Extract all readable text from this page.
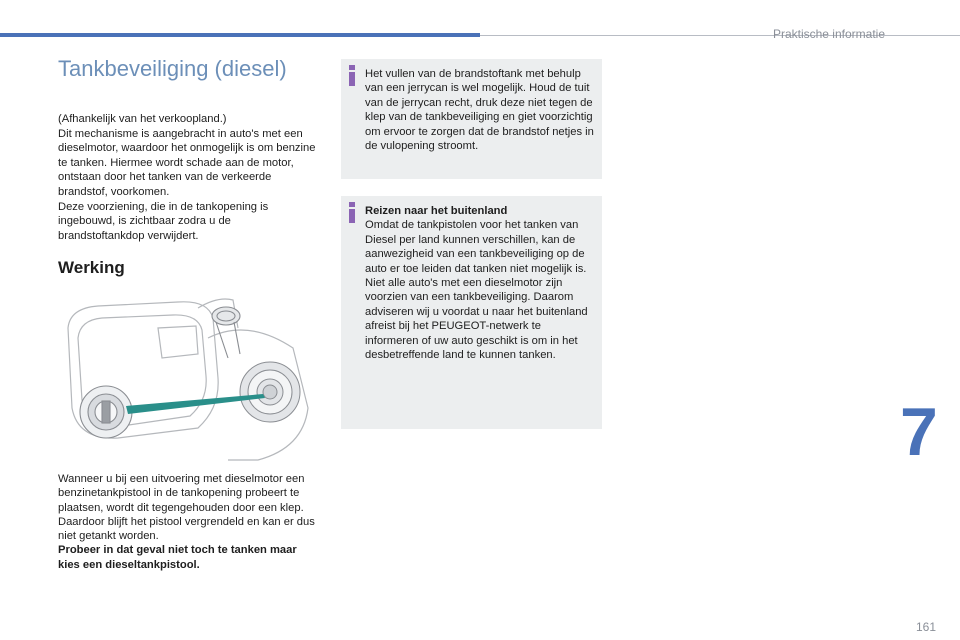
Praktische informatie
Tankbeveiliging (diesel)

(Afhankelijk van het verkoopland.)

Dit mechanisme is aangebracht in auto's met een dieselmotor, waardoor het onmogelijk is om benzine te tanken. Hiermee wordt schade aan de motor, ontstaan door het tanken van de verkeerde brandstof, voorkomen.

Deze voorziening, die in de tankopening is ingebouwd, is zichtbaar zodra u de brandstoftankdop verwijdert.

Werking

Wanneer u bij een uitvoering met dieselmotor een benzinetankpistool in de tankopening probeert te plaatsen, wordt dit tegengehouden door een klep. Daardoor blijft het pistool vergrendeld en kan er dus niet getankt worden.

Probeer in dat geval niet toch te tanken maar kies een dieseltankpistool.

Het vullen van de brandstoftank met behulp van een jerrycan is wel mogelijk. Houd de tuit van de jerrycan recht, druk deze niet tegen de klep van de tankbeveiliging en giet voorzichtig om ervoor te zorgen dat de brandstof netjes in de vulopening stroomt.

Reizen naar het buitenland

Omdat de tankpistolen voor het tanken van Diesel per land kunnen verschillen, kan de aanwezigheid van een tankbeveiliging op de auto er toe leiden dat tanken niet mogelijk is.

Niet alle auto's met een dieselmotor zijn voorzien van een tankbeveiliging. Daarom adviseren wij u voordat u naar het buitenland afreist bij het PEUGEOT-netwerk te informeren of uw auto geschikt is om in het desbetreffende land te kunnen tanken.

7
161
